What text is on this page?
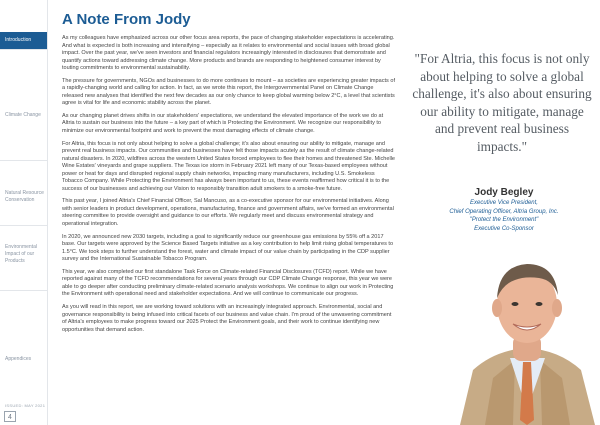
Introduction
Climate Change
Natural Resource Conservation
Environmental Impact of our Products
Appendices
ISSUED: MAY 2021
4
A Note From Jody

As my colleagues have emphasized across our other focus area reports, the pace of changing stakeholder expectations is accelerating. And what is expected is both increasing and intensifying – especially as it relates to environmental and social issues with broad global impact. Over the past year, we've seen investors and financial regulators increasingly interested in disclosures that demonstrate and quantify actions toward addressing climate change. More products and brands are responding to heightened consumer interest by touting commitments to environmental sustainability.

The pressure for governments, NGOs and businesses to do more continues to mount – as societies are experiencing greater impacts of a rapidly-changing world and calling for action. In fact, as we wrote this report, the Intergovernmental Panel on Climate Change released new analyses that identified the next few decades as our only chance to keep global warming below 2°C, a level that scientists agree is vital for life and economic stability across the planet.

As our changing planet drives shifts in our stakeholders' expectations, we understand the elevated importance of the work we do at Altria to sustain our business into the future – a key part of which is Protecting the Environment. We recognize our responsibility to minimize our environmental footprint and work to prevent the most damaging effects of climate change.

For Altria, this focus is not only about helping to solve a global challenge; it's also about ensuring our ability to mitigate, manage and prevent real business impacts. Our communities and businesses have felt those impacts acutely as the result of climate change-related natural disasters. In 2020, wildfires across the western United States forced employees to flee their homes and threatened Ste. Michelle Wine Estates' vineyards and grape suppliers. The Texas ice storm in February 2021 left many of our Texas-based employees without power or heat for days and disrupted regional supply chain networks, impacting many manufacturers, including U.S. Smokeless Tobacco Company. While Protecting the Environment has always been important to us, these events reaffirmed how critical it is to the success of our businesses and achieving our Vision to responsibly transition adult smokers to a smoke-free future.

This past year, I joined Altria's Chief Financial Officer, Sal Mancuso, as a co-executive sponsor for our environmental initiatives. Along with senior leaders in product development, operations, manufacturing, finance and government affairs, we've formed an environmental steering committee to provide oversight and guidance to our efforts. We regularly meet and discuss environmental strategy and operational integration.

In 2020, we announced new 2030 targets, including a goal to significantly reduce our greenhouse gas emissions by 55% off a 2017 base. Our targets were approved by the Science Based Targets initiative as a key contribution to help limit rising global temperatures to 1.5°C. We took steps to further understand the forest, water and climate impact of our value chain by participating in the CDP supplier survey and the International Sustainable Tobacco Program.

This year, we also completed our first standalone Task Force on Climate-related Financial Disclosures (TCFD) report. While we have reported against many of the TCFD recommendations for several years through our CDP Climate Change response, this year we were able to go deeper after conducting preliminary climate-related scenario analysis workshops. We continue to align our work in Protecting the Environment with operational need and stakeholder expectations. And we will continue to communicate our progress.

As you will read in this report, we are working toward solutions with an increasingly integrated approach. Environmental, social and governance responsibility is being infused into critical facets of our business and value chain. I'm proud of the unwavering commitment of Altria's employees to make progress toward our 2025 Protect the Environment goals, and their work to continue identifying new opportunities that demand action.

"For Altria, this focus is not only about helping to solve a global challenge, it's also about ensuring our ability to mitigate, manage and prevent real business impacts."
Jody Begley
Executive Vice President,
Chief Operating Officer, Altria Group, Inc.
"Protect the Environment"
Executive Co-Sponsor
